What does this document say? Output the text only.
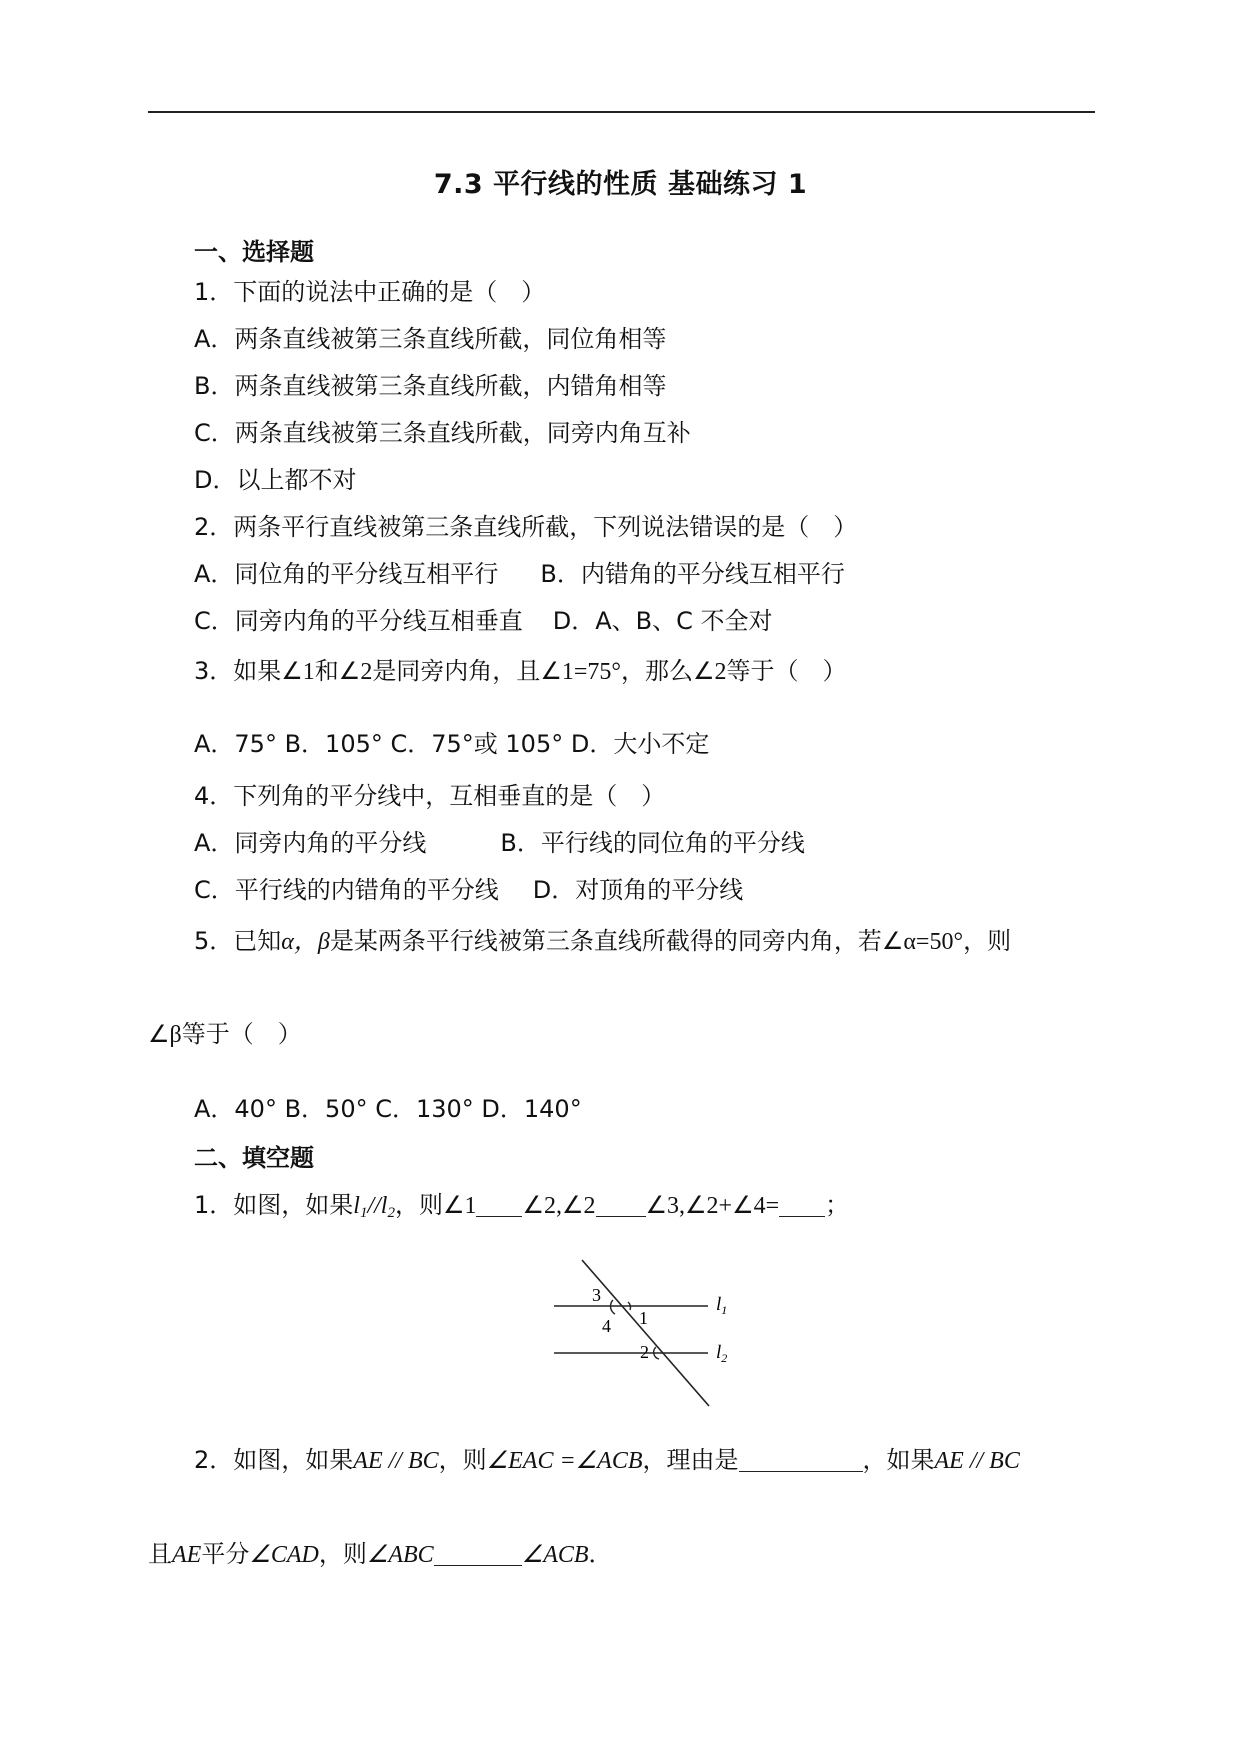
7.3 平行线的性质 基础练习 1
一、选择题
1．下面的说法中正确的是（　）
A．两条直线被第三条直线所截，同位角相等
B．两条直线被第三条直线所截，内错角相等
C．两条直线被第三条直线所截，同旁内角互补
D．以上都不对
2．两条平行直线被第三条直线所截，下列说法错误的是（　）
A．同位角的平分线互相平行 B．内错角的平分线互相平行
C．同旁内角的平分线互相垂直 D．A、B、C 不全对
3．如果∠1和∠2是同旁内角，且∠1=75°，那么∠2等于（　）
A．75° B．105° C．75°或 105° D．大小不定
4．下列角的平分线中，互相垂直的是（　）
A．同旁内角的平分线	B．平行线的同位角的平分线
C．平行线的内错角的平分线 D．对顶角的平分线
5．已知α，β是某两条平行线被第三条直线所截得的同旁内角，若∠α=50°，则
∠β等于（　）
A．40° B．50° C．130° D．140°
二、填空题
1．如图，如果$l_1//l_2$，则∠1 ∠2,∠2 ∠3,∠2+∠4= ；
3
4 1
2
$l_1$
$l_2$
2．如图，如果AE // BC，则∠EAC =∠ACB，理由是	，如果AE // BC
且AE平分∠CAD，则∠ABC	∠ACB．
